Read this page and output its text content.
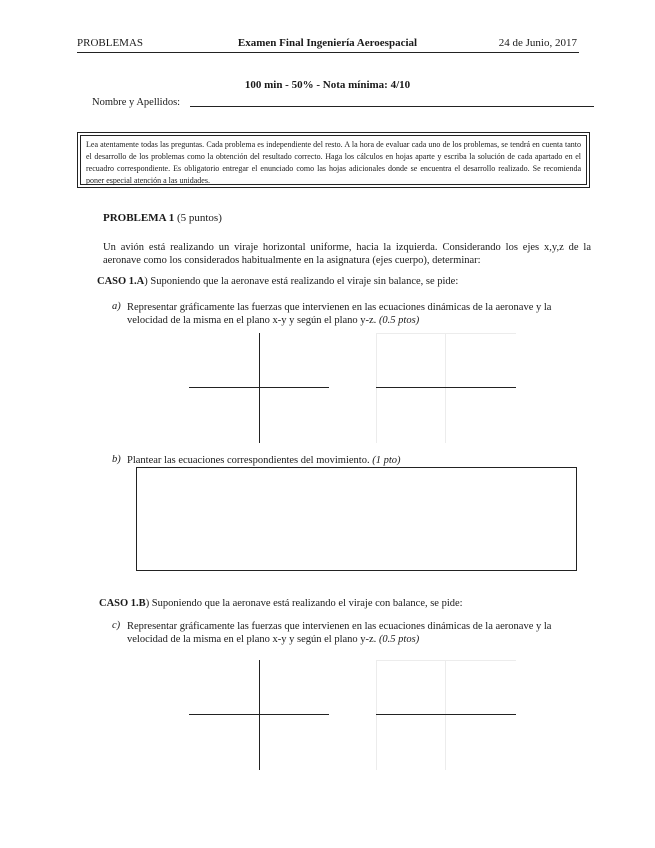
PROBLEMAS	Examen Final Ingeniería Aeroespacial	24 de Junio, 2017
100 min - 50% - Nota mínima: 4/10
Nombre y Apellidos:
Lea atentamente todas las preguntas. Cada problema es independiente del resto. A la hora de evaluar cada uno de los problemas, se tendrá en cuenta tanto el desarrollo de los problemas como la obtención del resultado correcto. Haga los cálculos en hojas aparte y escriba la solución de cada apartado en el recuadro correspondiente. Es obligatorio entregar el enunciado como las hojas adicionales donde se encuentra el desarrollo realizado. Se recomienda poner especial atención a las unidades.
PROBLEMA 1 (5 puntos)
Un avión está realizando un viraje horizontal uniforme, hacia la izquierda. Considerando los ejes x,y,z de la aeronave como los considerados habitualmente en la asignatura (ejes cuerpo), determinar:
CASO 1.A) Suponiendo que la aeronave está realizando el viraje sin balance, se pide:
a) Representar gráficamente las fuerzas que intervienen en las ecuaciones dinámicas de la aeronave y la velocidad de la misma en el plano x-y y según el plano y-z. (0.5 ptos)
b) Plantear las ecuaciones correspondientes del movimiento. (1 pto)
CASO 1.B) Suponiendo que la aeronave está realizando el viraje con balance, se pide:
c) Representar gráficamente las fuerzas que intervienen en las ecuaciones dinámicas de la aeronave y la velocidad de la misma en el plano x-y y según el plano y-z. (0.5 ptos)
